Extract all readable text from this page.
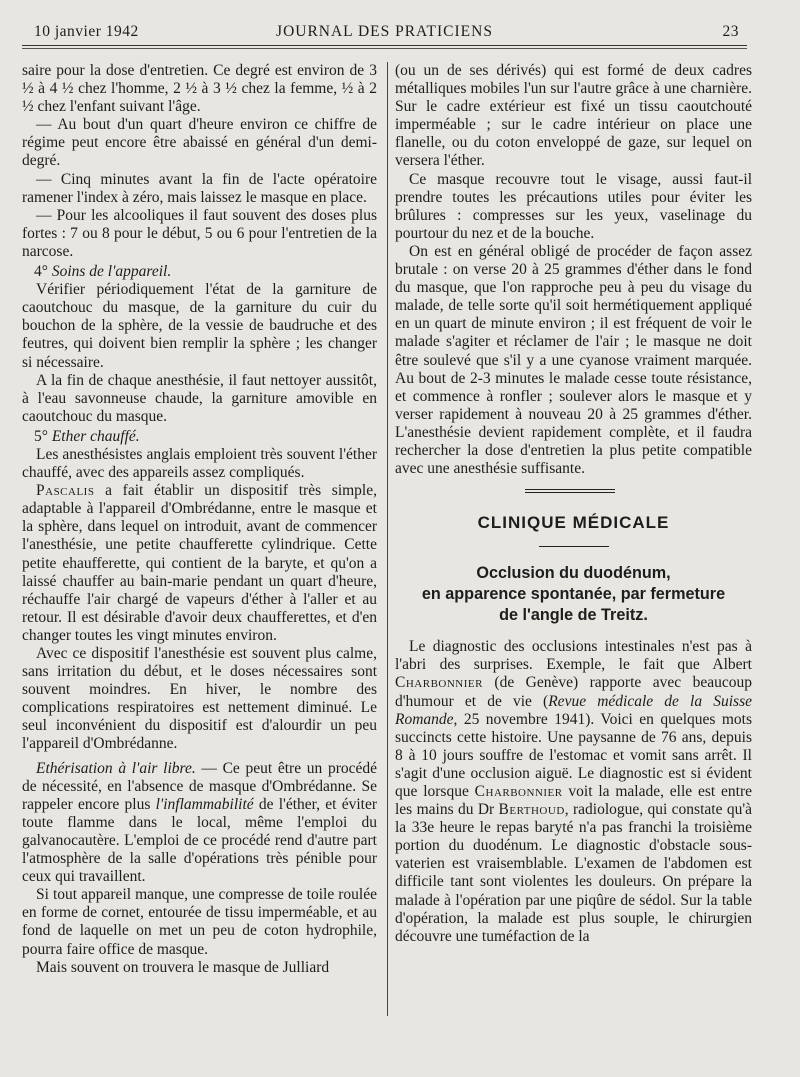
10 janvier 1942	JOURNAL DES PRATICIENS	23

saire pour la dose d'entretien. Ce degré est environ de 3 ½ à 4 ½ chez l'homme, 2 ½ à 3 ½ chez la femme, ½ à 2 ½ chez l'enfant suivant l'âge.

— Au bout d'un quart d'heure environ ce chiffre de régime peut encore être abaissé en général d'un demi-degré.

— Cinq minutes avant la fin de l'acte opératoire ramener l'index à zéro, mais laissez le masque en place.

— Pour les alcooliques il faut souvent des doses plus fortes : 7 ou 8 pour le début, 5 ou 6 pour l'entretien de la narcose.

4° Soins de l'appareil.

Vérifier périodiquement l'état de la garniture de caoutchouc du masque, de la garniture du cuir du bouchon de la sphère, de la vessie de baudruche et des feutres, qui doivent bien remplir la sphère ; les changer si nécessaire.

A la fin de chaque anesthésie, il faut nettoyer aussitôt, à l'eau savonneuse chaude, la garniture amovible en caoutchouc du masque.

5° Ether chauffé.

Les anesthésistes anglais emploient très souvent l'éther chauffé, avec des appareils assez compliqués.

Pascalis a fait établir un dispositif très simple, adaptable à l'appareil d'Ombrédanne, entre le masque et la sphère, dans lequel on introduit, avant de commencer l'anesthésie, une petite chaufferette cylindrique. Cette petite ehaufferette, qui contient de la baryte, et qu'on a laissé chauffer au bain-marie pendant un quart d'heure, réchauffe l'air chargé de vapeurs d'éther à l'aller et au retour. Il est désirable d'avoir deux chaufferettes, et d'en changer toutes les vingt minutes environ.

Avec ce dispositif l'anesthésie est souvent plus calme, sans irritation du début, et le doses nécessaires sont souvent moindres. En hiver, le nombre des complications respiratoires est nettement diminué. Le seul inconvénient du dispositif est d'alourdir un peu l'appareil d'Ombrédanne.

Ethérisation à l'air libre. — Ce peut être un procédé de nécessité, en l'absence de masque d'Ombrédanne. Se rappeler encore plus l'inflammabilité de l'éther, et éviter toute flamme dans le local, même l'emploi du galvanocautère. L'emploi de ce procédé rend d'autre part l'atmosphère de la salle d'opérations très pénible pour ceux qui travaillent.

Si tout appareil manque, une compresse de toile roulée en forme de cornet, entourée de tissu imperméable, et au fond de laquelle on met un peu de coton hydrophile, pourra faire office de masque.

Mais souvent on trouvera le masque de Julliard

(ou un de ses dérivés) qui est formé de deux cadres métalliques mobiles l'un sur l'autre grâce à une charnière. Sur le cadre extérieur est fixé un tissu caoutchouté imperméable ; sur le cadre intérieur on place une flanelle, ou du coton enveloppé de gaze, sur lequel on versera l'éther.

Ce masque recouvre tout le visage, aussi faut-il prendre toutes les précautions utiles pour éviter les brûlures : compresses sur les yeux, vaselinage du pourtour du nez et de la bouche.

On est en général obligé de procéder de façon assez brutale : on verse 20 à 25 grammes d'éther dans le fond du masque, que l'on rapproche peu à peu du visage du malade, de telle sorte qu'il soit hermétiquement appliqué en un quart de minute environ ; il est fréquent de voir le malade s'agiter et réclamer de l'air ; le masque ne doit être soulevé que s'il y a une cyanose vraiment marquée. Au bout de 2-3 minutes le malade cesse toute résistance, et commence à ronfler ; soulever alors le masque et y verser rapidement à nouveau 20 à 25 grammes d'éther. L'anesthésie devient rapidement complète, et il faudra rechercher la dose d'entretien la plus petite compatible avec une anesthésie suffisante.

CLINIQUE MÉDICALE
Occlusion du duodénum,
en apparence spontanée, par fermeture
de l'angle de Treitz.

Le diagnostic des occlusions intestinales n'est pas à l'abri des surprises. Exemple, le fait que Albert Charbonnier (de Genève) rapporte avec beaucoup d'humour et de vie (Revue médicale de la Suisse Romande, 25 novembre 1941). Voici en quelques mots succincts cette histoire. Une paysanne de 76 ans, depuis 8 à 10 jours souffre de l'estomac et vomit sans arrêt. Il s'agit d'une occlusion aiguë. Le diagnostic est si évident que lorsque Charbonnier voit la malade, elle est entre les mains du Dr Berthoud, radiologue, qui constate qu'à la 33e heure le repas baryté n'a pas franchi la troisième portion du duodénum. Le diagnostic d'obstacle sous-vaterien est vraisemblable. L'examen de l'abdomen est difficile tant sont violentes les douleurs. On prépare la malade à l'opération par une piqûre de sédol. Sur la table d'opération, la malade est plus souple, le chirurgien découvre une tuméfaction de la
